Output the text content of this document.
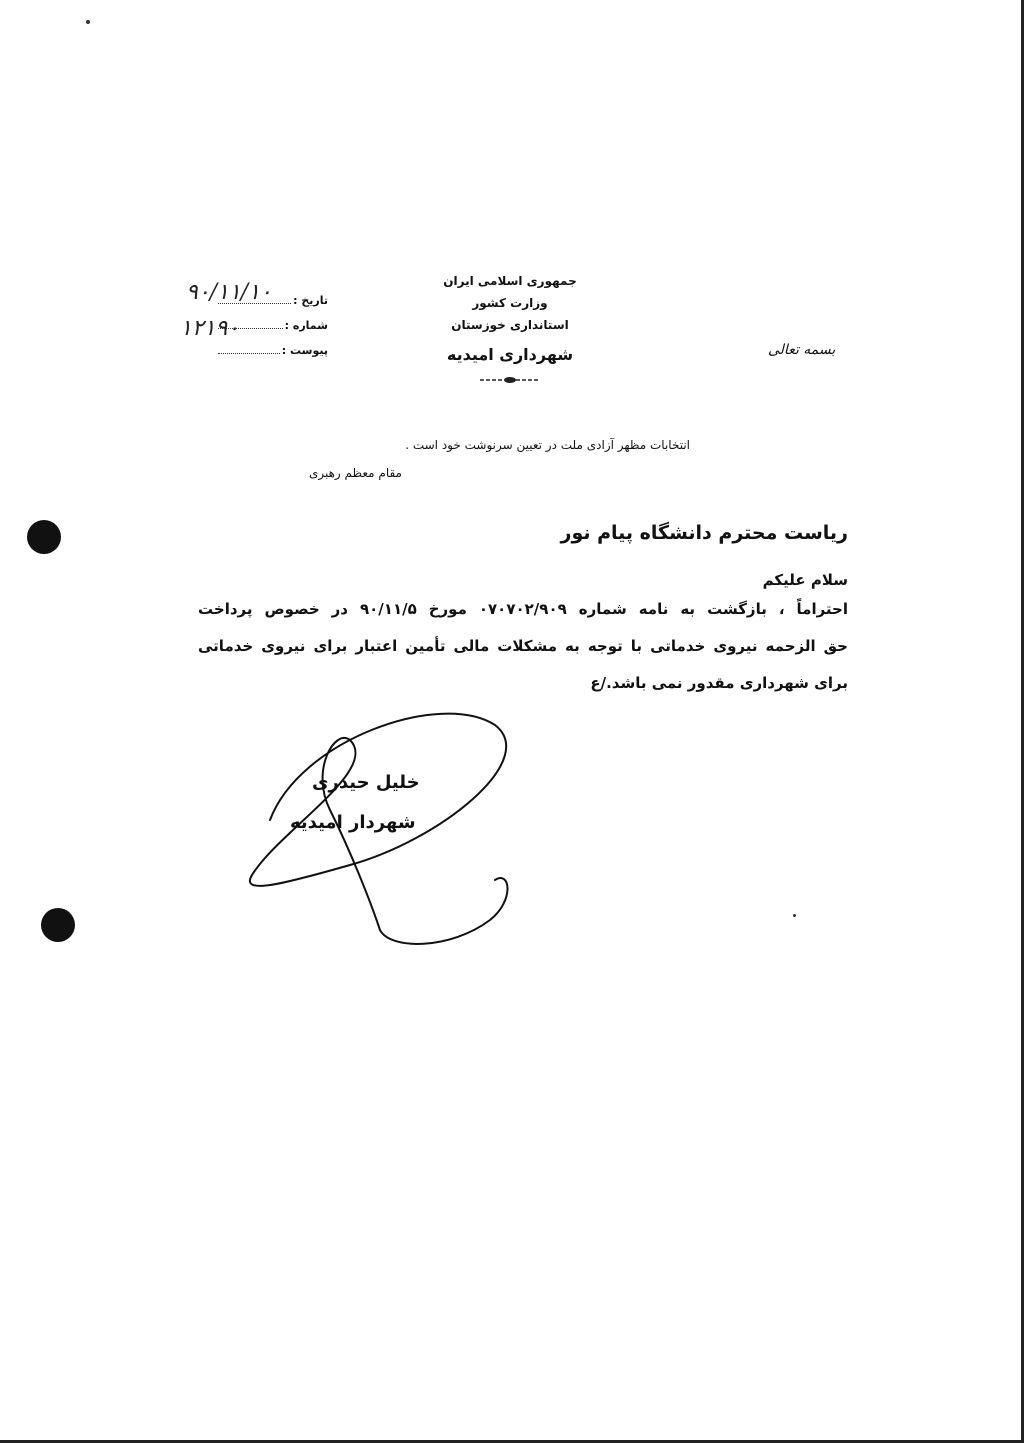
جمهوری اسلامی ایران
وزارت کشور
استانداری خوزستان
شهرداری امیدیه	بسمه تعالی
تاریخ :
شماره :
پیوست :
۹۰/۱۱/۱۰
۱۲۱۹۰
انتخابات مظهر آزادی ملت در تعیین سرنوشت خود است .
مقام معظم رهبری
ریاست محترم دانشگاه پیام نور
سلام علیکم
احتراماً ، بازگشت به نامه شماره ۰۷۰۷۰۲/۹۰۹ مورخ ۹۰/۱۱/۵ در خصوص پرداخت
حق الزحمه نیروی خدماتی با توجه به مشکلات مالی تأمین اعتبار برای نیروی خدماتی
برای شهرداری مقدور نمی باشد./ع
خلیل حیدری
شهردار امیدیه
